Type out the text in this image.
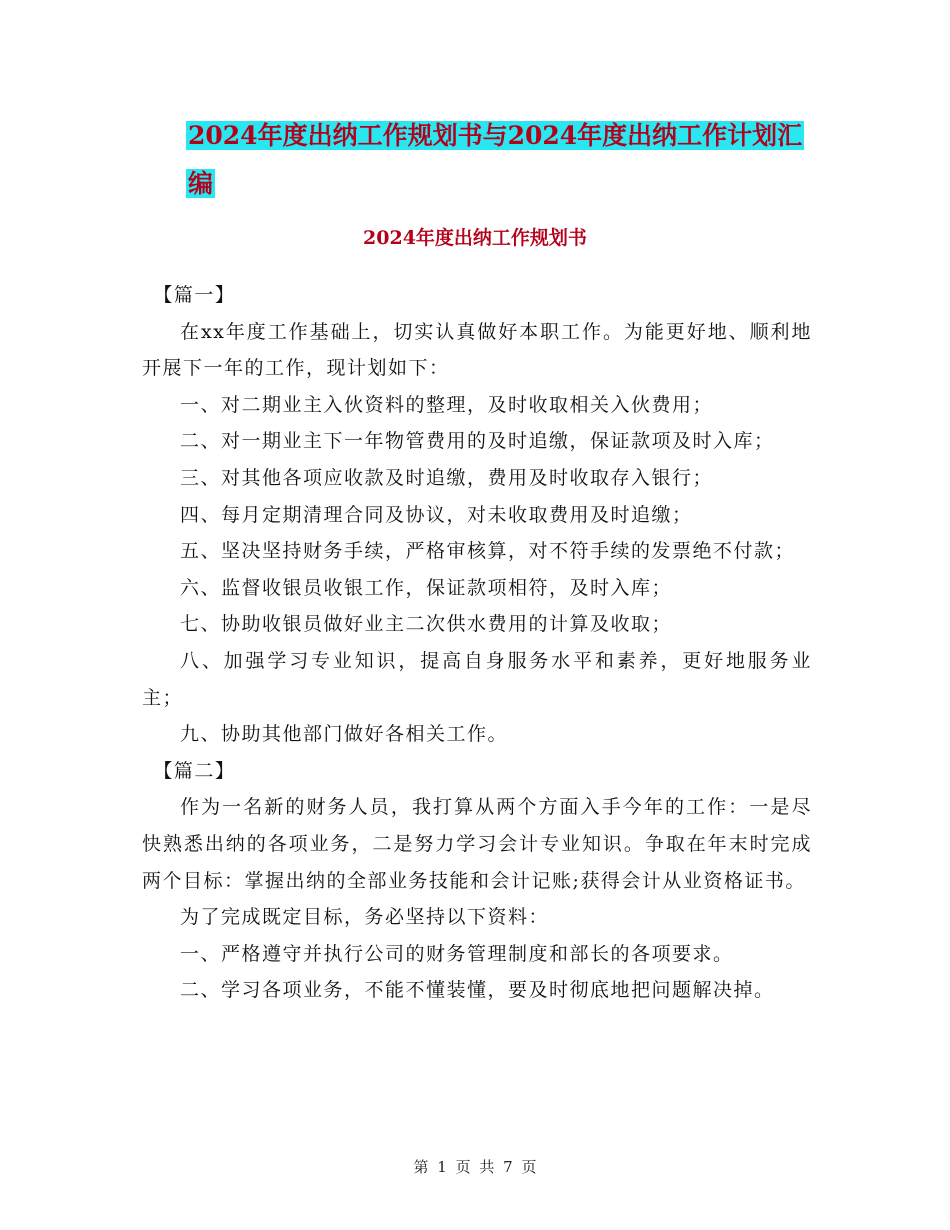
2024年度出纳工作规划书与2024年度出纳工作计划汇
编
2024年度出纳工作规划书

【篇一】

在xx年度工作基础上，切实认真做好本职工作。为能更好地、顺利地开展下一年的工作，现计划如下：

一、对二期业主入伙资料的整理，及时收取相关入伙费用；

二、对一期业主下一年物管费用的及时追缴，保证款项及时入库；

三、对其他各项应收款及时追缴，费用及时收取存入银行；

四、每月定期清理合同及协议，对未收取费用及时追缴；

五、坚决坚持财务手续，严格审核算，对不符手续的发票绝不付款；

六、监督收银员收银工作，保证款项相符，及时入库；

七、协助收银员做好业主二次供水费用的计算及收取；

八、加强学习专业知识，提高自身服务水平和素养，更好地服务业主；

九、协助其他部门做好各相关工作。

【篇二】

作为一名新的财务人员，我打算从两个方面入手今年的工作：一是尽快熟悉出纳的各项业务，二是努力学习会计专业知识。争取在年末时完成两个目标：掌握出纳的全部业务技能和会计记账;获得会计从业资格证书。

为了完成既定目标，务必坚持以下资料：

一、严格遵守并执行公司的财务管理制度和部长的各项要求。

二、学习各项业务，不能不懂装懂，要及时彻底地把问题解决掉。

第 1 页 共 7 页
